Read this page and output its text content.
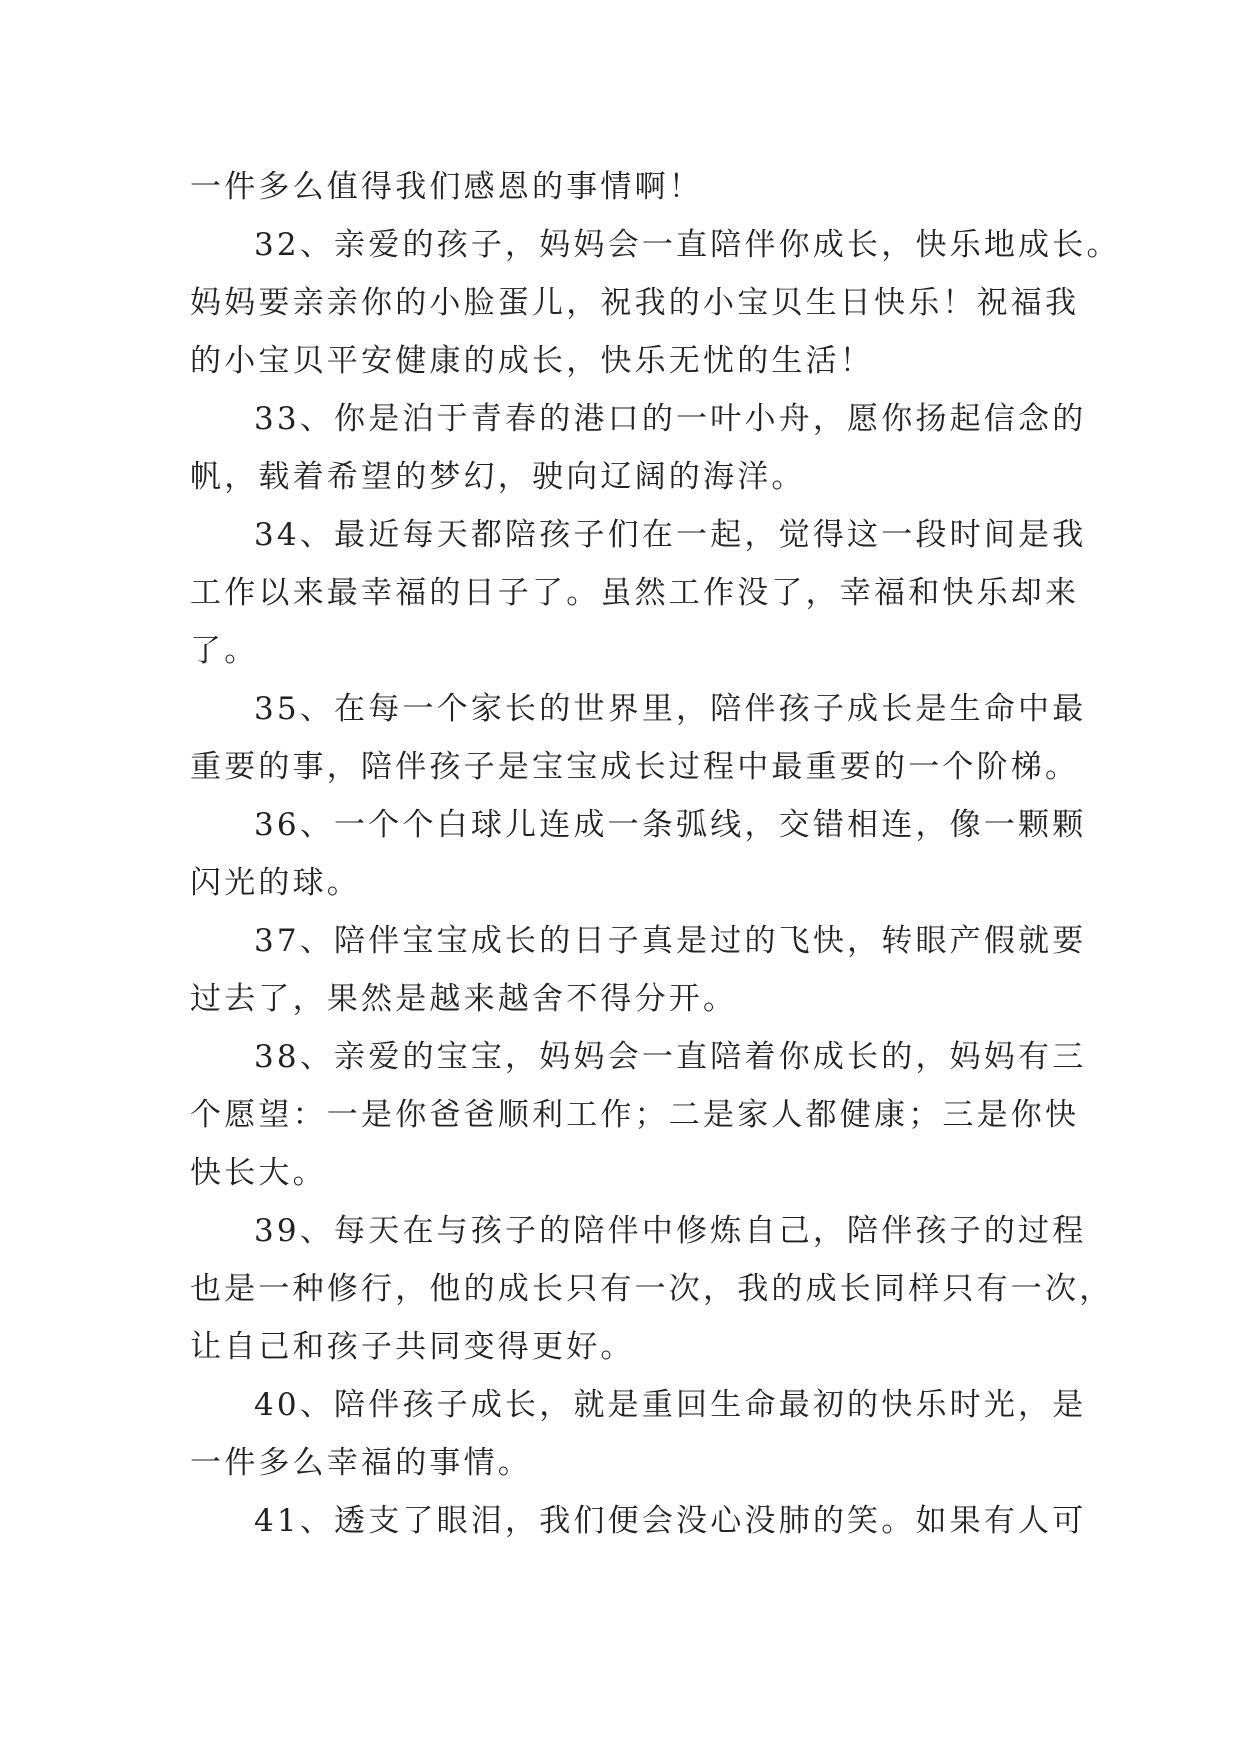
一件多么值得我们感恩的事情啊！
32、亲爱的孩子，妈妈会一直陪伴你成长，快乐地成长。
妈妈要亲亲你的小脸蛋儿，祝我的小宝贝生日快乐！祝福我
的小宝贝平安健康的成长，快乐无忧的生活！
33、你是泊于青春的港口的一叶小舟，愿你扬起信念的
帆，载着希望的梦幻，驶向辽阔的海洋。
34、最近每天都陪孩子们在一起，觉得这一段时间是我
工作以来最幸福的日子了。虽然工作没了，幸福和快乐却来
了。
35、在每一个家长的世界里，陪伴孩子成长是生命中最
重要的事，陪伴孩子是宝宝成长过程中最重要的一个阶梯。
36、一个个白球儿连成一条弧线，交错相连，像一颗颗
闪光的球。
37、陪伴宝宝成长的日子真是过的飞快，转眼产假就要
过去了，果然是越来越舍不得分开。
38、亲爱的宝宝，妈妈会一直陪着你成长的，妈妈有三
个愿望：一是你爸爸顺利工作；二是家人都健康；三是你快
快长大。
39、每天在与孩子的陪伴中修炼自己，陪伴孩子的过程
也是一种修行，他的成长只有一次，我的成长同样只有一次，
让自己和孩子共同变得更好。
40、陪伴孩子成长，就是重回生命最初的快乐时光，是
一件多么幸福的事情。
41、透支了眼泪，我们便会没心没肺的笑。如果有人可
